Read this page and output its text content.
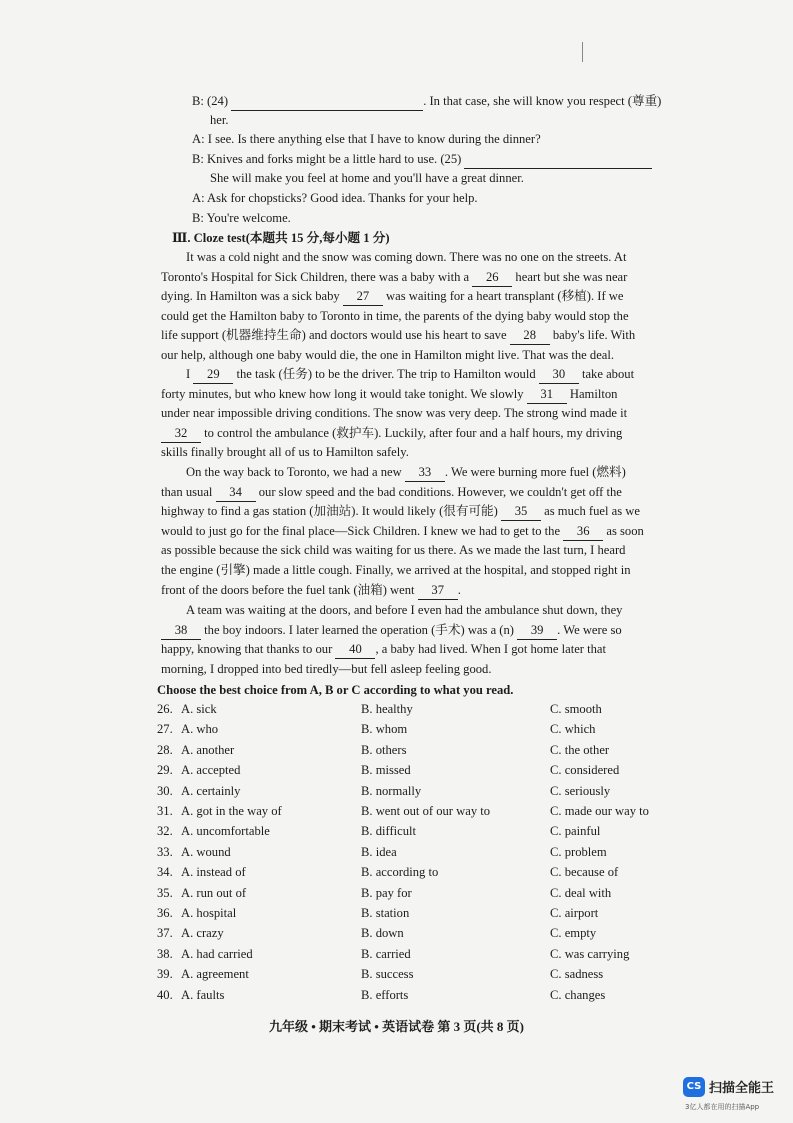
B: (24)	. In that case, she will know you respect (尊重)
her.
A: I see. Is there anything else that I have to know during the dinner?
B: Knives and forks might be a little hard to use. (25)
She will make you feel at home and you'll have a great dinner.
A: Ask for chopsticks? Good idea. Thanks for your help.
B: You're welcome.
Ⅲ. Cloze test(本题共 15 分,每小题 1 分)
It was a cold night and the snow was coming down. There was no one on the streets. At
Toronto's Hospital for Sick Children, there was a baby with a 26 heart but she was near
dying. In Hamilton was a sick baby 27 was waiting for a heart transplant (移植). If we
could get the Hamilton baby to Toronto in time, the parents of the dying baby would stop the
life support (机器维持生命) and doctors would use his heart to save 28 baby's life. With
our help, although one baby would die, the one in Hamilton might live. That was the deal.
I 29 the task (任务) to be the driver. The trip to Hamilton would 30 take about
forty minutes, but who knew how long it would take tonight. We slowly 31 Hamilton
under near impossible driving conditions. The snow was very deep. The strong wind made it
32 to control the ambulance (救护车). Luckily, after four and a half hours, my driving
skills finally brought all of us to Hamilton safely.
On the way back to Toronto, we had a new 33 . We were burning more fuel (燃料)
than usual 34 our slow speed and the bad conditions. However, we couldn't get off the
highway to find a gas station (加油站). It would likely (很有可能) 35 as much fuel as we
would to just go for the final place—Sick Children. I knew we had to get to the 36 as soon
as possible because the sick child was waiting for us there. As we made the last turn, I heard
the engine (引擎) made a little cough. Finally, we arrived at the hospital, and stopped right in
front of the doors before the fuel tank (油箱) went 37 .
A team was waiting at the doors, and before I even had the ambulance shut down, they
38 the boy indoors. I later learned the operation (手术) was a (n) 39 . We were so
happy, knowing that thanks to our 40 , a baby had lived. When I got home later that
morning, I dropped into bed tiredly—but fell asleep feeling good.
Choose the best choice from A, B or C according to what you read.
26. A. sick	B. healthy	C. smooth
27. A. who	B. whom	C. which
28. A. another	B. others	C. the other
29. A. accepted	B. missed	C. considered
30. A. certainly	B. normally	C. seriously
31. A. got in the way of	B. went out of our way to	C. made our way to
32. A. uncomfortable	B. difficult	C. painful
33. A. wound	B. idea	C. problem
34. A. instead of	B. according to	C. because of
35. A. run out of	B. pay for	C. deal with
36. A. hospital	B. station	C. airport
37. A. crazy	B. down	C. empty
38. A. had carried	B. carried	C. was carrying
39. A. agreement	B. success	C. sadness
40. A. faults	B. efforts	C. changes
九年级 • 期末考试 • 英语试卷 第 3 页(共 8 页)
CS 扫描全能王
3亿人都在用的扫描App
